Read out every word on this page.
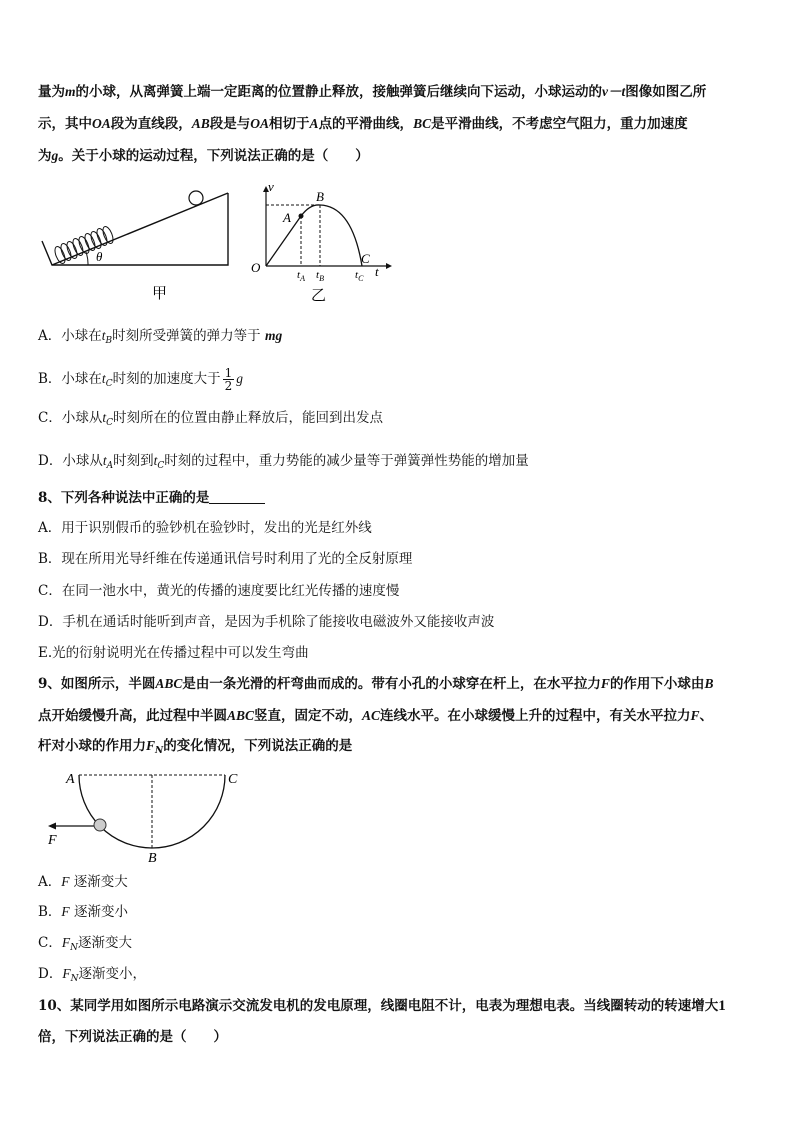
量为m的小球，从离弹簧上端一定距离的位置静止释放，接触弹簧后继续向下运动，小球运动的v－t图像如图乙所
示，其中OA段为直线段，AB段是与OA相切于A点的平滑曲线，BC是平滑曲线，不考虑空气阻力，重力加速度
为g。关于小球的运动过程，下列说法正确的是（　　）
θ
甲
v
t
O
A
B
C
$t_A$ $t_B$	$t_C$
乙
A．小球在$t_B$时刻所受弹簧的弹力等于 mg
B．小球在$t_C$时刻的加速度大于 $\frac{1}{2}$ g
C．小球从$t_C$时刻所在的位置由静止释放后，能回到出发点
D．小球从$t_A$时刻到$t_C$时刻的过程中，重力势能的减少量等于弹簧弹性势能的增加量
8、下列各种说法中正确的是
A．用于识别假币的验钞机在验钞时，发出的光是红外线
B．现在所用光导纤维在传递通讯信号时利用了光的全反射原理
C．在同一池水中，黄光的传播的速度要比红光传播的速度慢
D．手机在通话时能听到声音，是因为手机除了能接收电磁波外又能接收声波
E.光的衍射说明光在传播过程中可以发生弯曲
9、如图所示，半圆ABC是由一条光滑的杆弯曲而成的。带有小孔的小球穿在杆上，在水平拉力F的作用下小球由B
点开始缓慢升高，此过程中半圆ABC竖直，固定不动，AC连线水平。在小球缓慢上升的过程中，有关水平拉力F、
杆对小球的作用力$F_N$的变化情况，下列说法正确的是
A	C
B
F
A．F 逐渐变大
B．F 逐渐变小
C．$F_N$逐渐变大
D．$F_N$逐渐变小，
10、某同学用如图所示电路演示交流发电机的发电原理，线圈电阻不计，电表为理想电表。当线圈转动的转速增大1
倍，下列说法正确的是（　　）
